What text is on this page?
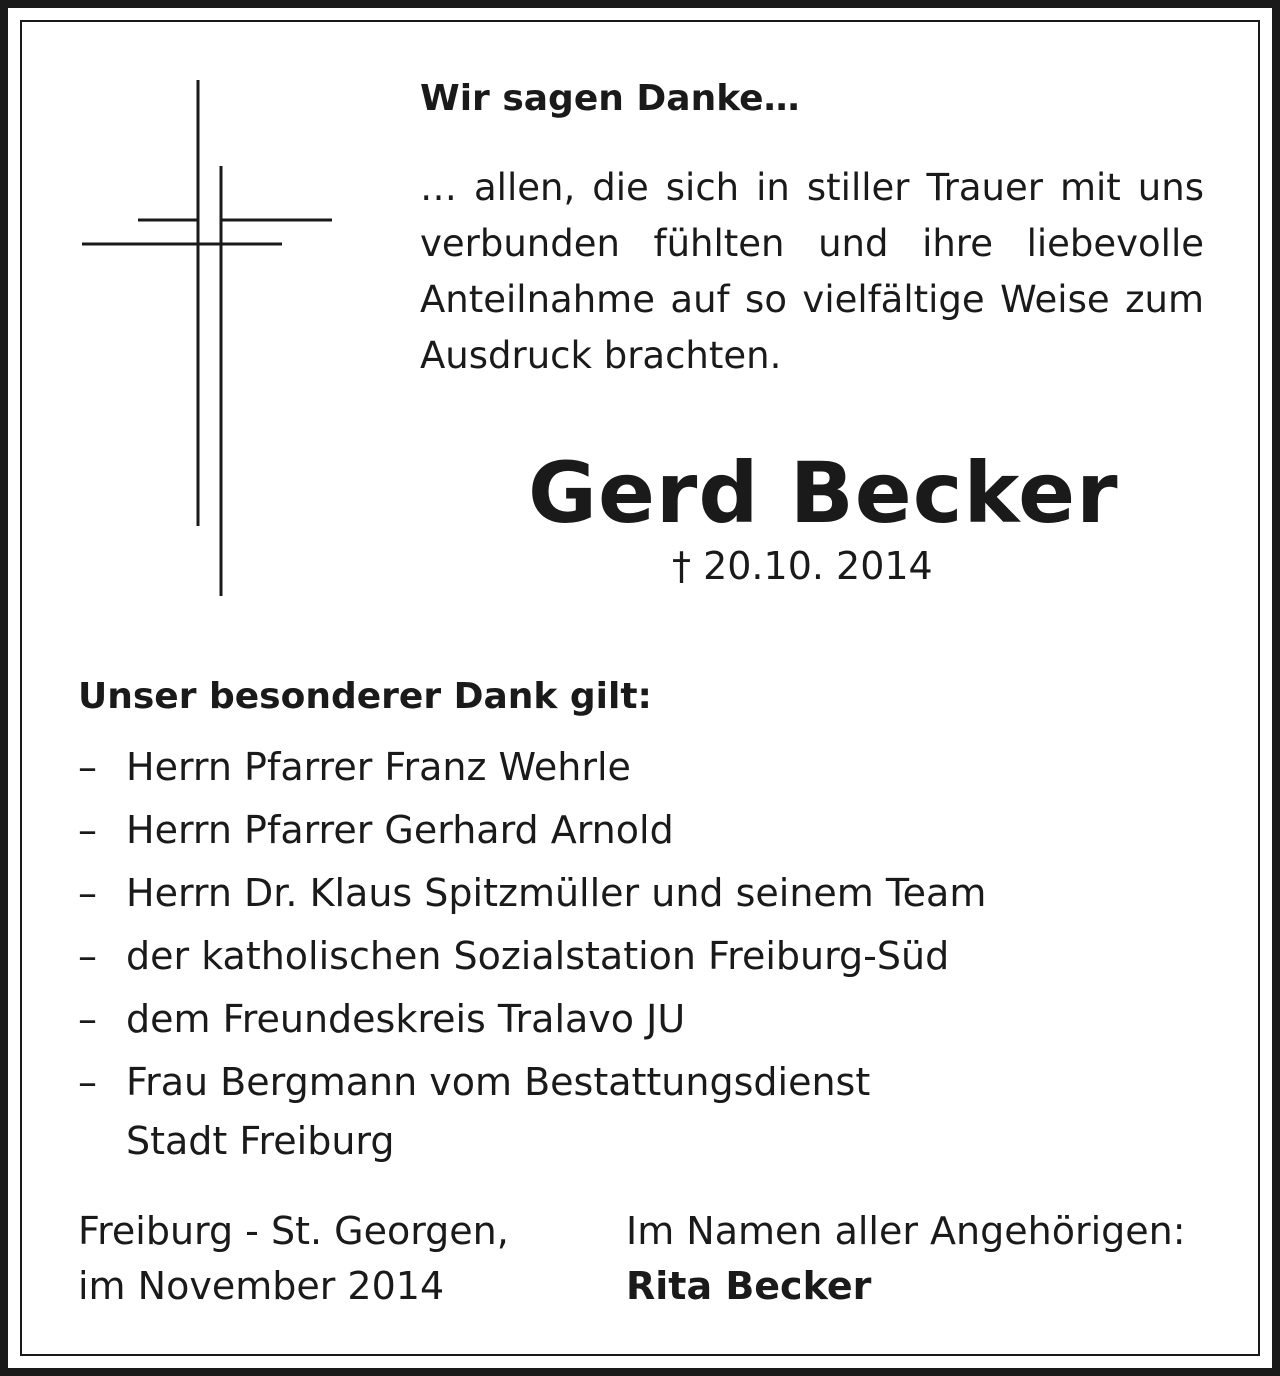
Wir sagen Danke…

… allen, die sich in stiller Trauer mit uns verbunden fühlten und ihre liebevolle Anteilnahme auf so vielfältige Weise zum Ausdruck brachten.

Gerd Becker
† 20.10. 2014
Unser besonderer Dank gilt:
– Herrn Pfarrer Franz Wehrle
– Herrn Pfarrer Gerhard Arnold
– Herrn Dr. Klaus Spitzmüller und seinem Team
– der katholischen Sozialstation Freiburg-Süd
– dem Freundeskreis Tralavo JU
– Frau Bergmann vom Bestattungsdienst
Stadt Freiburg
Freiburg - St. Georgen,
im November 2014
Im Namen aller Angehörigen:
Rita Becker
